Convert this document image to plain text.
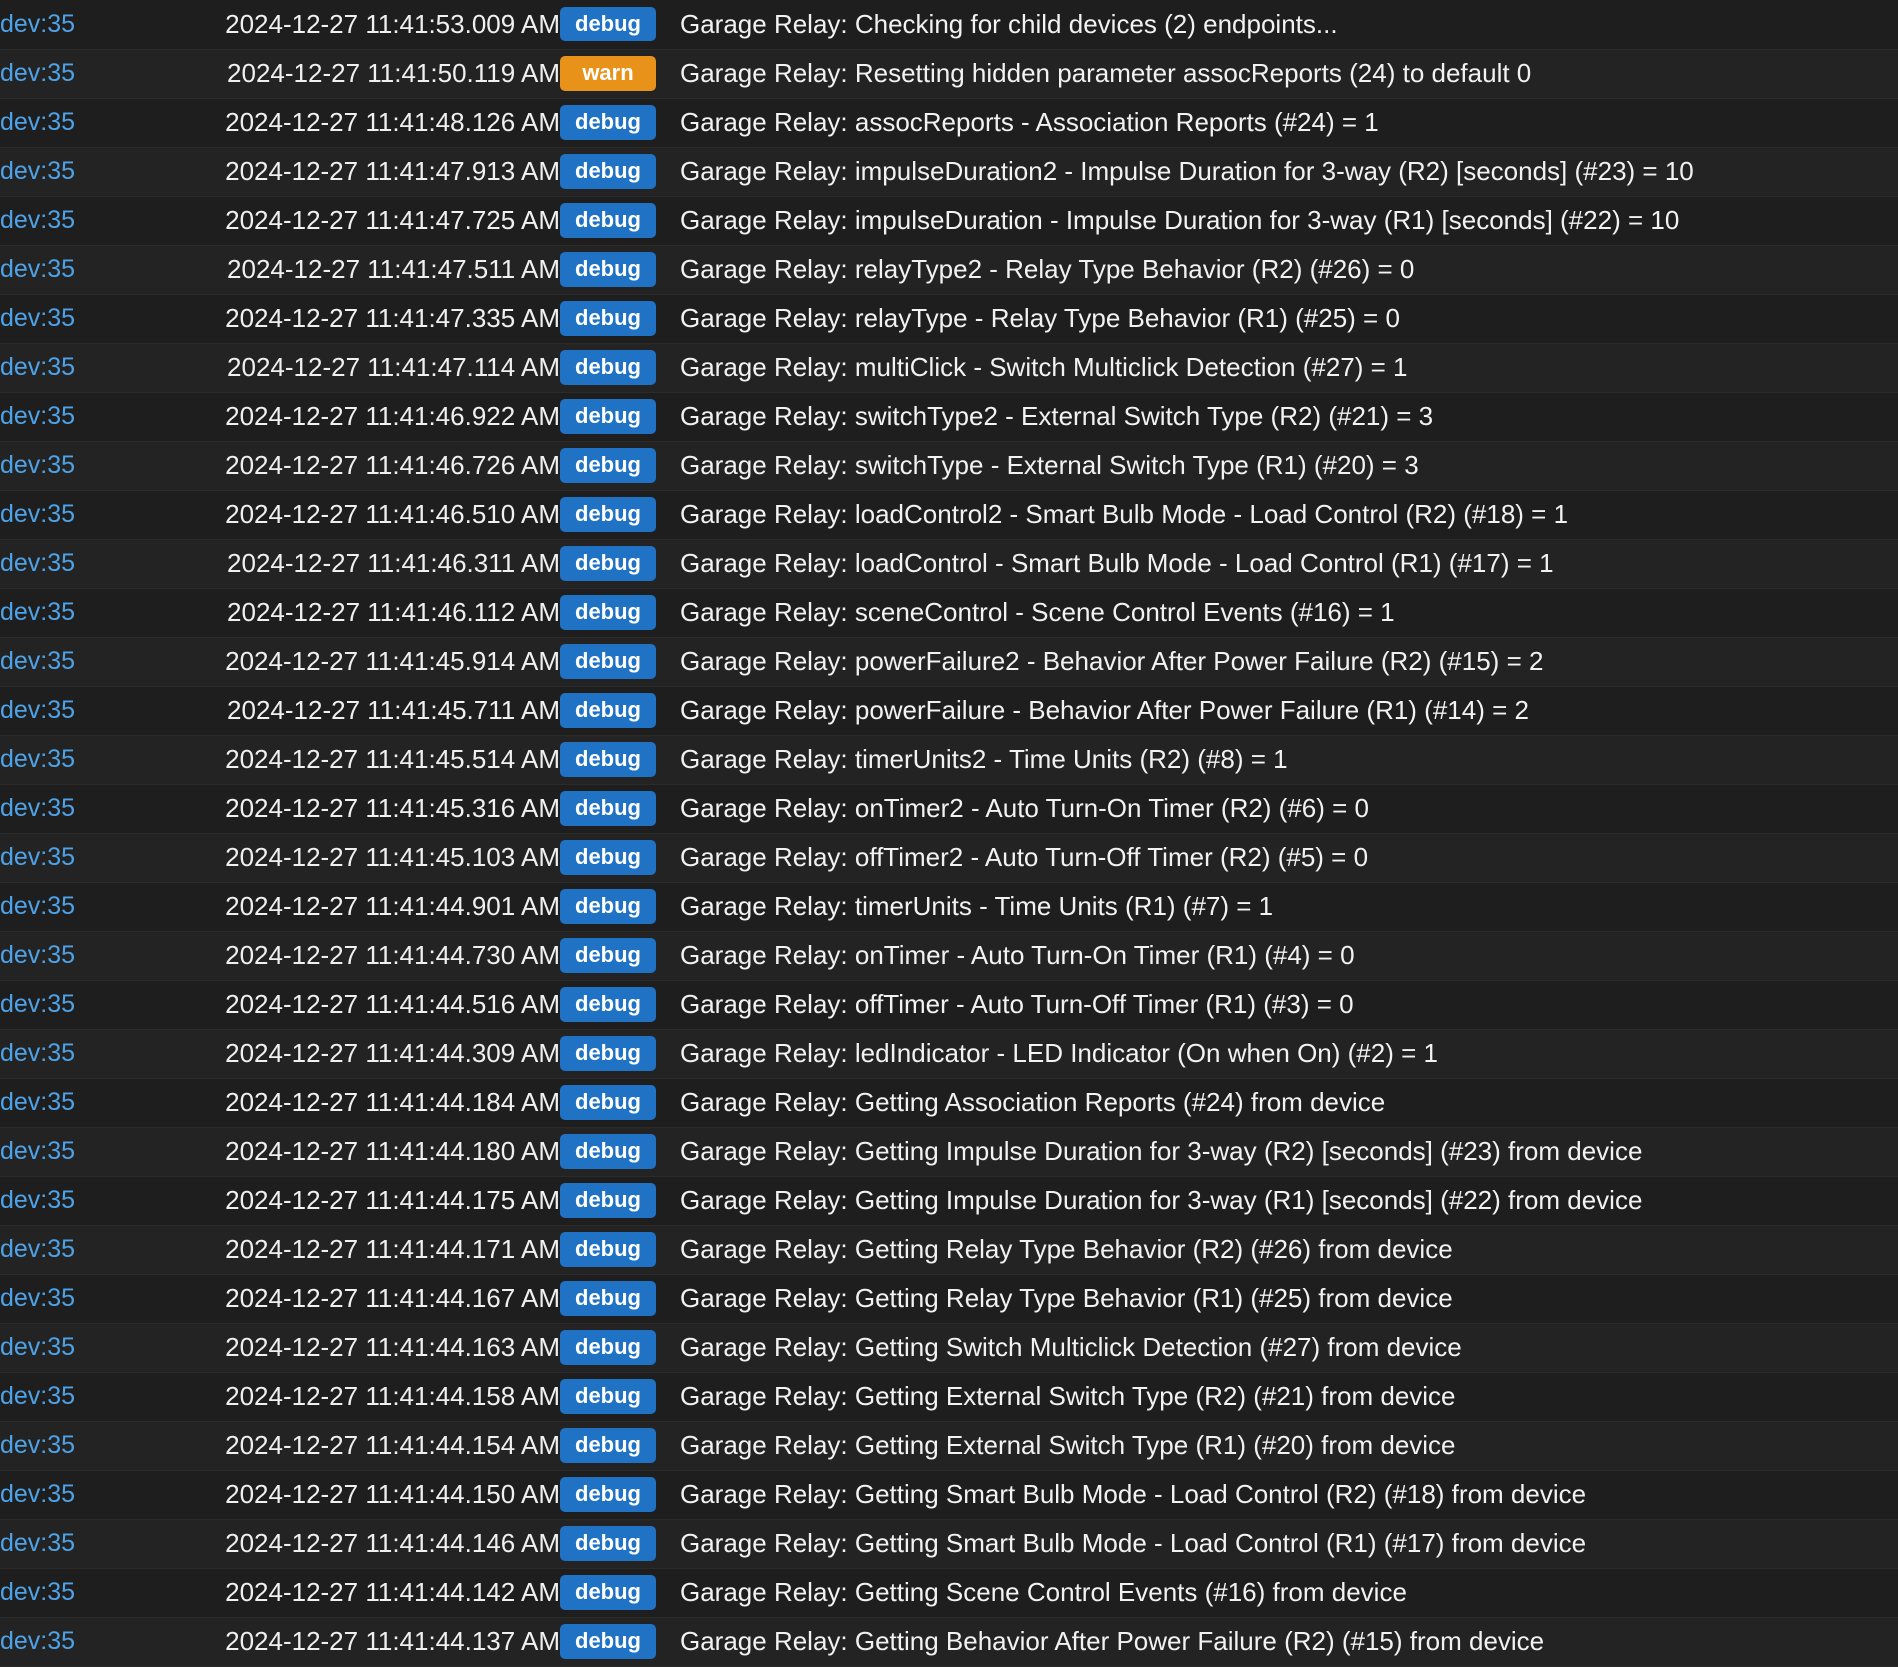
dev:35	2024-12-27 11:41:53.009 AM	debug	Garage Relay: Checking for child devices (2) endpoints...
dev:35	2024-12-27 11:41:50.119 AM	warn	Garage Relay: Resetting hidden parameter assocReports (24) to default 0
dev:35	2024-12-27 11:41:48.126 AM	debug	Garage Relay: assocReports - Association Reports (#24) = 1
dev:35	2024-12-27 11:41:47.913 AM	debug	Garage Relay: impulseDuration2 - Impulse Duration for 3-way (R2) [seconds] (#23) = 10
dev:35	2024-12-27 11:41:47.725 AM	debug	Garage Relay: impulseDuration - Impulse Duration for 3-way (R1) [seconds] (#22) = 10
dev:35	2024-12-27 11:41:47.511 AM	debug	Garage Relay: relayType2 - Relay Type Behavior (R2) (#26) = 0
dev:35	2024-12-27 11:41:47.335 AM	debug	Garage Relay: relayType - Relay Type Behavior (R1) (#25) = 0
dev:35	2024-12-27 11:41:47.114 AM	debug	Garage Relay: multiClick - Switch Multiclick Detection (#27) = 1
dev:35	2024-12-27 11:41:46.922 AM	debug	Garage Relay: switchType2 - External Switch Type (R2) (#21) = 3
dev:35	2024-12-27 11:41:46.726 AM	debug	Garage Relay: switchType - External Switch Type (R1) (#20) = 3
dev:35	2024-12-27 11:41:46.510 AM	debug	Garage Relay: loadControl2 - Smart Bulb Mode - Load Control (R2) (#18) = 1
dev:35	2024-12-27 11:41:46.311 AM	debug	Garage Relay: loadControl - Smart Bulb Mode - Load Control (R1) (#17) = 1
dev:35	2024-12-27 11:41:46.112 AM	debug	Garage Relay: sceneControl - Scene Control Events (#16) = 1
dev:35	2024-12-27 11:41:45.914 AM	debug	Garage Relay: powerFailure2 - Behavior After Power Failure (R2) (#15) = 2
dev:35	2024-12-27 11:41:45.711 AM	debug	Garage Relay: powerFailure - Behavior After Power Failure (R1) (#14) = 2
dev:35	2024-12-27 11:41:45.514 AM	debug	Garage Relay: timerUnits2 - Time Units (R2) (#8) = 1
dev:35	2024-12-27 11:41:45.316 AM	debug	Garage Relay: onTimer2 - Auto Turn-On Timer (R2) (#6) = 0
dev:35	2024-12-27 11:41:45.103 AM	debug	Garage Relay: offTimer2 - Auto Turn-Off Timer (R2) (#5) = 0
dev:35	2024-12-27 11:41:44.901 AM	debug	Garage Relay: timerUnits - Time Units (R1) (#7) = 1
dev:35	2024-12-27 11:41:44.730 AM	debug	Garage Relay: onTimer - Auto Turn-On Timer (R1) (#4) = 0
dev:35	2024-12-27 11:41:44.516 AM	debug	Garage Relay: offTimer - Auto Turn-Off Timer (R1) (#3) = 0
dev:35	2024-12-27 11:41:44.309 AM	debug	Garage Relay: ledIndicator - LED Indicator (On when On) (#2) = 1
dev:35	2024-12-27 11:41:44.184 AM	debug	Garage Relay: Getting Association Reports (#24) from device
dev:35	2024-12-27 11:41:44.180 AM	debug	Garage Relay: Getting Impulse Duration for 3-way (R2) [seconds] (#23) from device
dev:35	2024-12-27 11:41:44.175 AM	debug	Garage Relay: Getting Impulse Duration for 3-way (R1) [seconds] (#22) from device
dev:35	2024-12-27 11:41:44.171 AM	debug	Garage Relay: Getting Relay Type Behavior (R2) (#26) from device
dev:35	2024-12-27 11:41:44.167 AM	debug	Garage Relay: Getting Relay Type Behavior (R1) (#25) from device
dev:35	2024-12-27 11:41:44.163 AM	debug	Garage Relay: Getting Switch Multiclick Detection (#27) from device
dev:35	2024-12-27 11:41:44.158 AM	debug	Garage Relay: Getting External Switch Type (R2) (#21) from device
dev:35	2024-12-27 11:41:44.154 AM	debug	Garage Relay: Getting External Switch Type (R1) (#20) from device
dev:35	2024-12-27 11:41:44.150 AM	debug	Garage Relay: Getting Smart Bulb Mode - Load Control (R2) (#18) from device
dev:35	2024-12-27 11:41:44.146 AM	debug	Garage Relay: Getting Smart Bulb Mode - Load Control (R1) (#17) from device
dev:35	2024-12-27 11:41:44.142 AM	debug	Garage Relay: Getting Scene Control Events (#16) from device
dev:35	2024-12-27 11:41:44.137 AM	debug	Garage Relay: Getting Behavior After Power Failure (R2) (#15) from device
